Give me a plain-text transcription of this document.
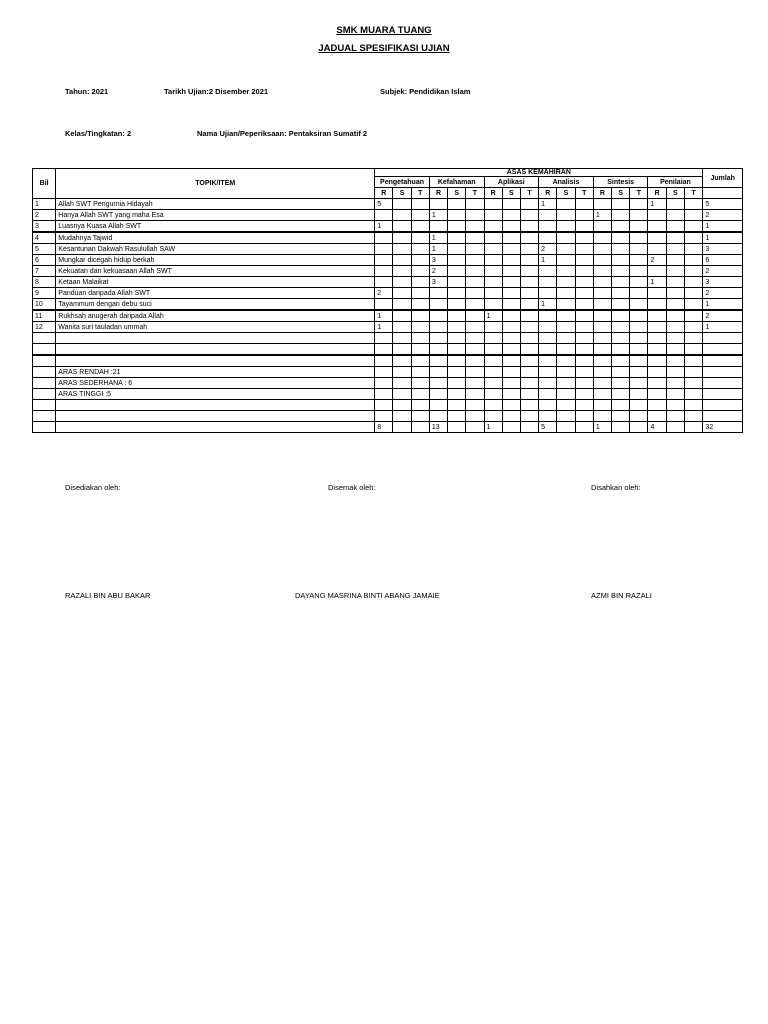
SMK MUARA TUANG
JADUAL SPESIFIKASI UJIAN
Tahun: 2021	Tarikh Ujian:2 Disember 2021	Subjek: Pendidikan Islam
Kelas/Tingkatan: 2	Nama Ujian/Peperiksaan: Pentaksiran Sumatif 2
Bil	TOPIK/ITEM	ASAS KEMAHIRAN																		Jumlah
		Pengetahuan			Kefahaman			Aplikasi			Analisis			Sintesis			Penilaian			
		R	S	T	R	S	T	R	S	T	R	S	T	R	S	T	R	S	T	
1	Allah SWT Pengurnia Hidayah	5									1						1			5
2	Hanya Allah SWT yang maha Esa				1									1						2
3	Luasnya Kuasa Allah SWT	1																		1
4	Mudahnya Tajwid				1															1
5	Kesantunan Dakwah Rasulullah SAW				1						2									3
6	Mungkar dicegah hidup berkah				3						1						2			6
7	Kekuatan dan kekuasaan Allah SWT				2															2
8	Ketaan Malaikat				3												1			3
9	Panduan daripada Allah SWT	2																		2
10	Tayammum dengan debu suci										1									1
11	Rukhsah anugerah daripada Allah	1						1												2
12	Wanita suri tauladan ummah	1																		1

	ARAS RENDAH :21																			
	ARAS SEDERHANA : 6																			
	ARAS TINGGI :5																			

		8			13			1			5			1			4			32
Disediakan oleh:	Disemak oleh:	Disahkan oleh:
RAZALI BIN ABU BAKAR	DAYANG MASRINA BINTI ABANG JAMAIE	AZMI BIN RAZALI
